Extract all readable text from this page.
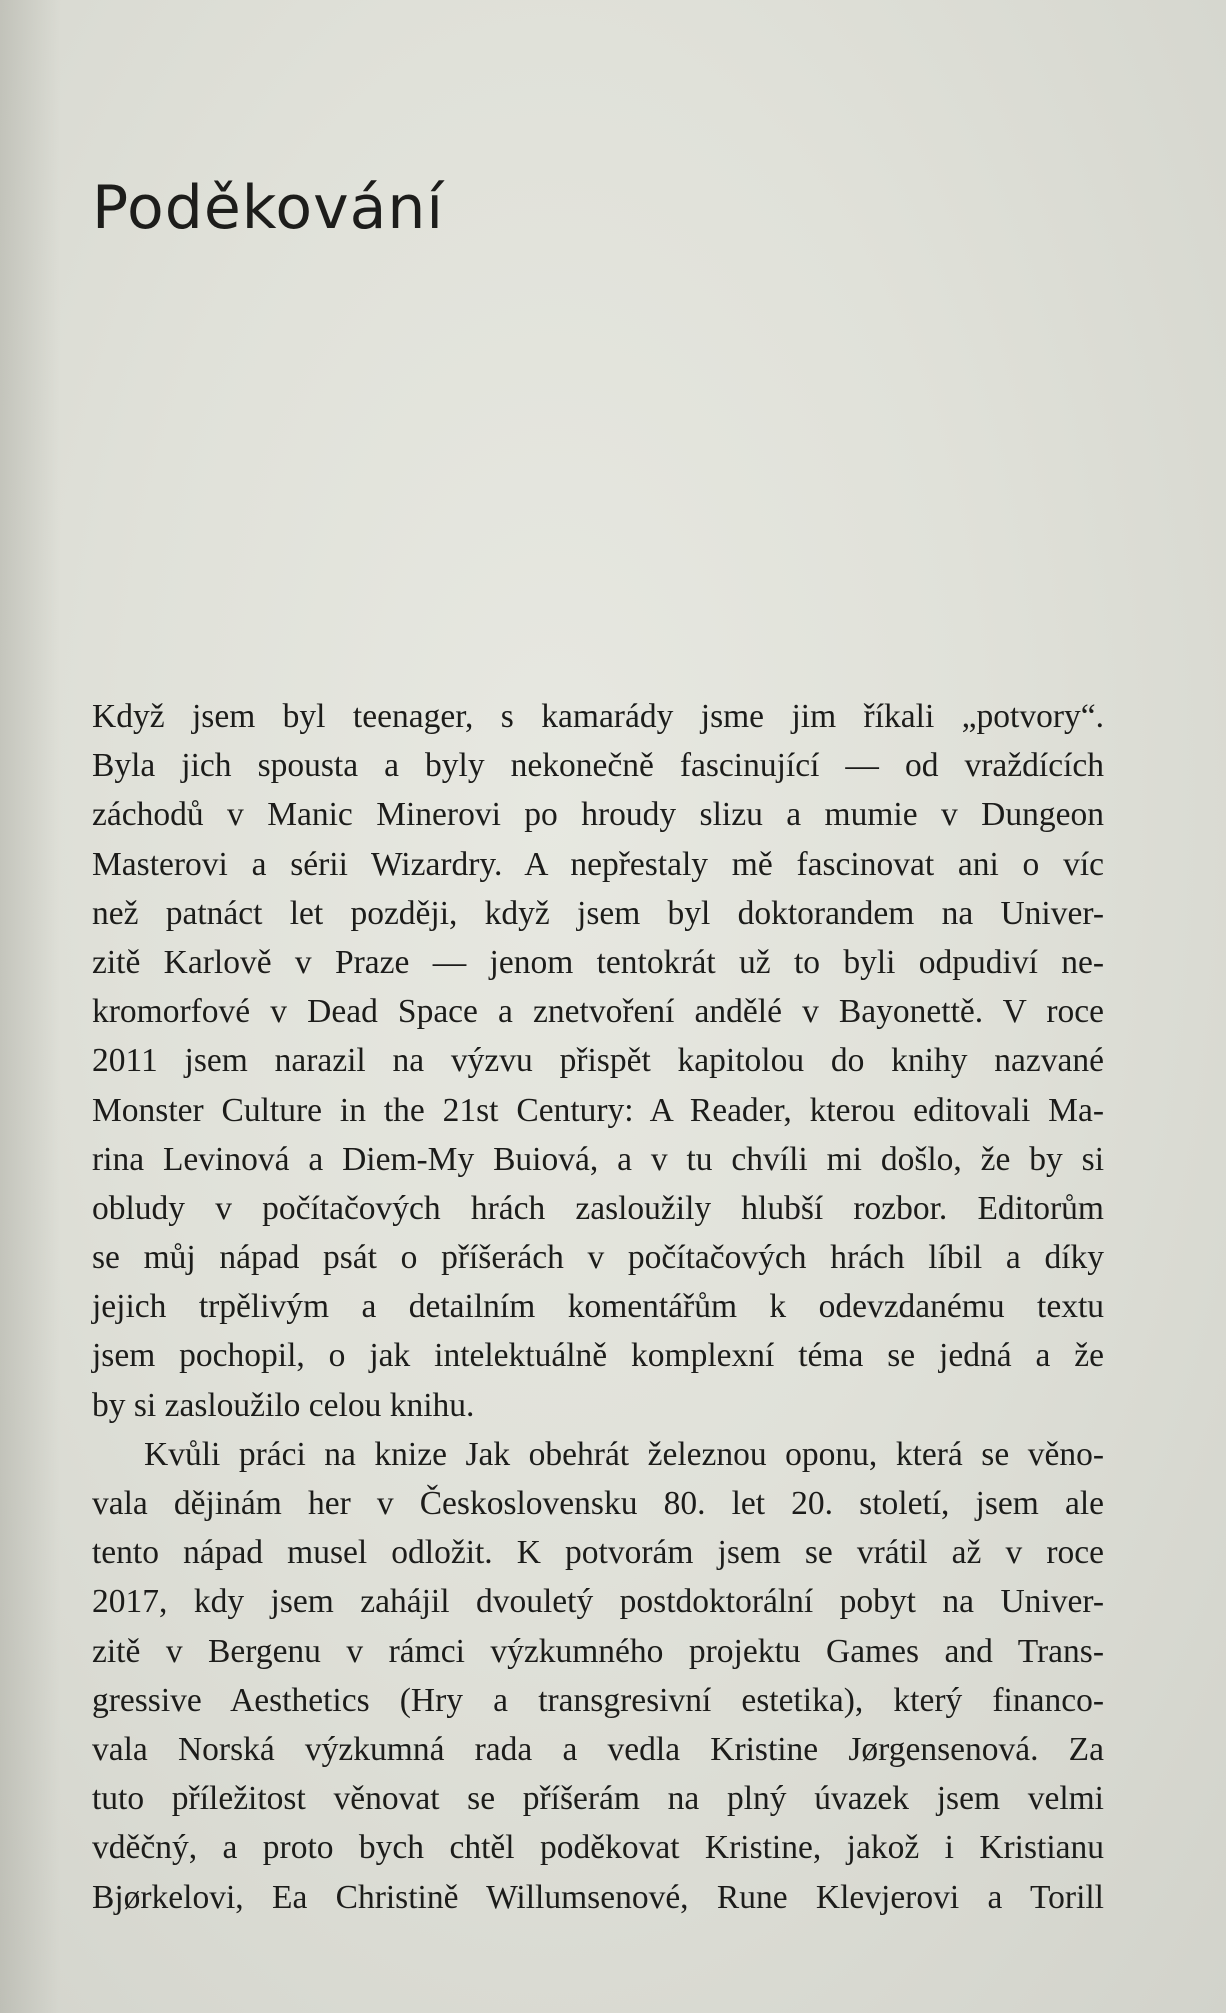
Poděkování
Když jsem byl teenager, s kamarády jsme jim říkali „potvory“.
Byla jich spousta a byly nekonečně fascinující — od vraždících
záchodů v Manic Minerovi po hroudy slizu a mumie v Dungeon
Masterovi a sérii Wizardry. A nepřestaly mě fascinovat ani o víc
než patnáct let později, když jsem byl doktorandem na Univer-
zitě Karlově v Praze — jenom tentokrát už to byli odpudiví ne-
kromorfové v Dead Space a znetvoření andělé v Bayonettě. V roce
2011 jsem narazil na výzvu přispět kapitolou do knihy nazvané
Monster Culture in the 21st Century: A Reader, kterou editovali Ma-
rina Levinová a Diem-My Buiová, a v tu chvíli mi došlo, že by si
obludy v počítačových hrách zasloužily hlubší rozbor. Editorům
se můj nápad psát o příšerách v počítačových hrách líbil a díky
jejich trpělivým a detailním komentářům k odevzdanému textu
jsem pochopil, o jak intelektuálně komplexní téma se jedná a že
by si zasloužilo celou knihu.
Kvůli práci na knize Jak obehrát železnou oponu, která se věno-
vala dějinám her v Československu 80. let 20. století, jsem ale
tento nápad musel odložit. K potvorám jsem se vrátil až v roce
2017, kdy jsem zahájil dvouletý postdoktorální pobyt na Univer-
zitě v Bergenu v rámci výzkumného projektu Games and Trans-
gressive Aesthetics (Hry a transgresivní estetika), který financo-
vala Norská výzkumná rada a vedla Kristine Jørgensenová. Za
tuto příležitost věnovat se příšerám na plný úvazek jsem velmi
vděčný, a proto bych chtěl poděkovat Kristine, jakož i Kristianu
Bjørkelovi, Ea Christině Willumsenové, Rune Klevjerovi a Torill
